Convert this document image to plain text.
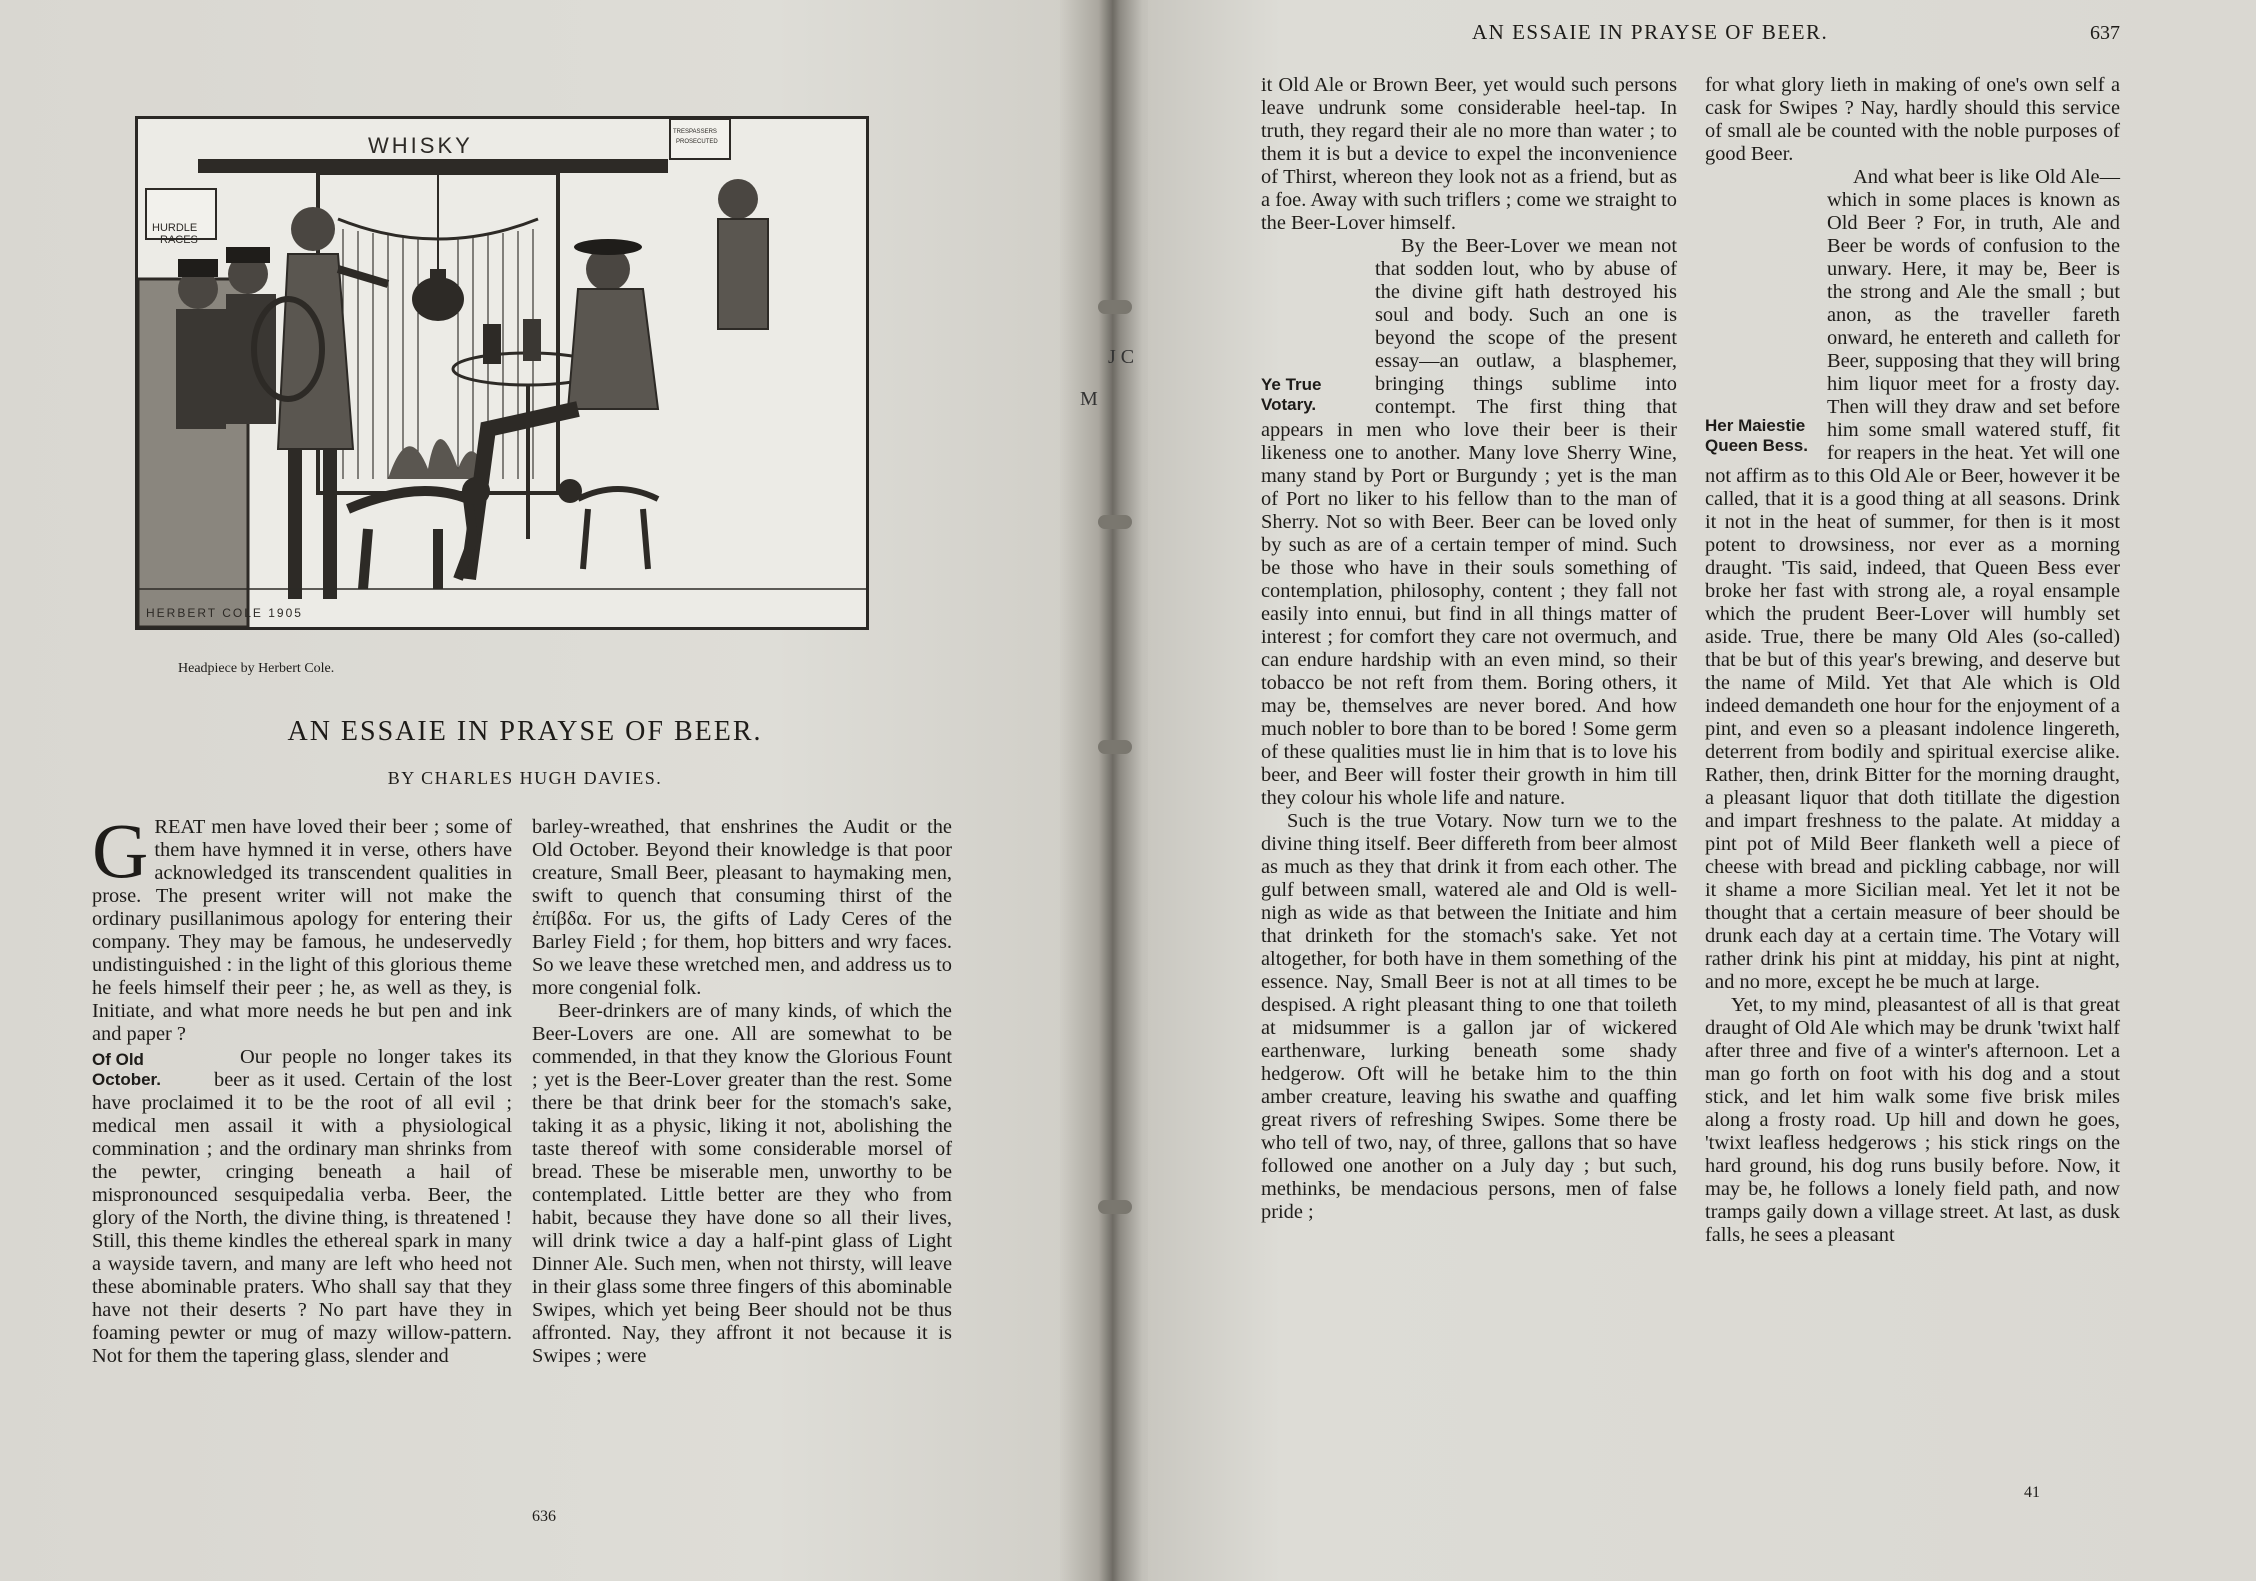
HURDLE
RACES
TRESPASSERS
PROSECUTED
WHISKY
HERBERT COLE 1905
Headpiece by Herbert Cole.
AN ESSAIE IN PRAYSE OF BEER.
BY CHARLES HUGH DAVIES.
G REAT men have loved their beer ; some of them have hymned it in verse, others have acknowledged its transcendent qualities in prose. The present writer will not make the ordinary pusillanimous apology for entering their company. They may be famous, he undeservedly undistinguished : in the light of this glorious theme he feels himself their peer ; he, as well as they, is Initiate, and what more needs he but pen and ink and paper ?

Of Old October.

Our people no longer takes its beer as it used. Certain of the lost have proclaimed it to be the root of all evil ; medical men assail it with a physiological commination ; and the ordinary man shrinks from the pewter, cringing beneath a hail of mispronounced sesquipedalia verba. Beer, the glory of the North, the divine thing, is threatened ! Still, this theme kindles the ethereal spark in many a wayside tavern, and many are left who heed not these abominable praters. Who shall say that they have not their deserts ? No part have they in foaming pewter or mug of mazy willow-pattern. Not for them the tapering glass, slender and

barley-wreathed, that enshrines the Audit or the Old October. Beyond their knowledge is that poor creature, Small Beer, pleasant to haymaking men, swift to quench that consuming thirst of the ἐπίβδα. For us, the gifts of Lady Ceres of the Barley Field ; for them, hop bitters and wry faces. So we leave these wretched men, and address us to more congenial folk.

Beer-drinkers are of many kinds, of which the Beer-Lovers are one. All are somewhat to be commended, in that they know the Glorious Fount ; yet is the Beer-Lover greater than the rest. Some there be that drink beer for the stomach's sake, taking it as a physic, liking it not, abolishing the taste thereof with some considerable morsel of bread. These be miserable men, unworthy to be contemplated. Little better are they who from habit, because they have done so all their lives, will drink twice a day a half-pint glass of Light Dinner Ale. Such men, when not thirsty, will leave in their glass some three fingers of this abominable Swipes, which yet being Beer should not be thus affronted. Nay, they affront it not because it is Swipes ; were

636
J C
M
AN ESSAIE IN PRAYSE OF BEER.	637

it Old Ale or Brown Beer, yet would such persons leave undrunk some considerable heel-tap. In truth, they regard their ale no more than water ; to them it is but a device to expel the inconvenience of Thirst, whereon they look not as a friend, but as a foe. Away with such triflers ; come we straight to the Beer-Lover himself.

Ye True Votary.

By the Beer-Lover we mean not that sodden lout, who by abuse of the divine gift hath destroyed his soul and body. Such an one is beyond the scope of the present essay—an outlaw, a blasphemer, bringing things sublime into contempt. The first thing that appears in men who love their beer is their likeness one to another. Many love Sherry Wine, many stand by Port or Burgundy ; yet is the man of Port no liker to his fellow than to the man of Sherry. Not so with Beer. Beer can be loved only by such as are of a certain temper of mind. Such be those who have in their souls something of contemplation, philosophy, content ; they fall not easily into ennui, but find in all things matter of interest ; for comfort they care not overmuch, and can endure hardship with an even mind, so their tobacco be not reft from them. Boring others, it may be, themselves are never bored. And how much nobler to bore than to be bored ! Some germ of these qualities must lie in him that is to love his beer, and Beer will foster their growth in him till they colour his whole life and nature.

Such is the true Votary. Now turn we to the divine thing itself. Beer differeth from beer almost as much as they that drink it from each other. The gulf between small, watered ale and Old is well-nigh as wide as that between the Initiate and him that drinketh for the stomach's sake. Yet not altogether, for both have in them something of the essence. Nay, Small Beer is not at all times to be despised. A right pleasant thing to one that toileth at midsummer is a gallon jar of wickered earthenware, lurking beneath some shady hedgerow. Oft will he betake him to the thin amber creature, leaving his swathe and quaffing great rivers of refreshing Swipes. Some there be who tell of two, nay, of three, gallons that so have followed one another on a July day ; but such, methinks, be mendacious persons, men of false pride ;

for what glory lieth in making of one's own self a cask for Swipes ? Nay, hardly should this service of small ale be counted with the noble purposes of good Beer.

Her Maiestie Queen Bess.

And what beer is like Old Ale—which in some places is known as Old Beer ? For, in truth, Ale and Beer be words of confusion to the unwary. Here, it may be, Beer is the strong and Ale the small ; but anon, as the traveller fareth onward, he entereth and calleth for Beer, supposing that they will bring him liquor meet for a frosty day. Then will they draw and set before him some small watered stuff, fit for reapers in the heat. Yet will one not affirm as to this Old Ale or Beer, however it be called, that it is a good thing at all seasons. Drink it not in the heat of summer, for then is it most potent to drowsiness, nor ever as a morning draught. 'Tis said, indeed, that Queen Bess ever broke her fast with strong ale, a royal ensample which the prudent Beer-Lover will humbly set aside. True, there be many Old Ales (so-called) that be but of this year's brewing, and deserve but the name of Mild. Yet that Ale which is Old indeed demandeth one hour for the enjoyment of a pint, and even so a pleasant indolence lingereth, deterrent from bodily and spiritual exercise alike. Rather, then, drink Bitter for the morning draught, a pleasant liquor that doth titillate the digestion and impart freshness to the palate. At midday a pint pot of Mild Beer flanketh well a piece of cheese with bread and pickling cabbage, nor will it shame a more Sicilian meal. Yet let it not be thought that a certain measure of beer should be drunk each day at a certain time. The Votary will rather drink his pint at midday, his pint at night, and no more, except he be much at large.

Yet, to my mind, pleasantest of all is that great draught of Old Ale which may be drunk 'twixt half after three and five of a winter's afternoon. Let a man go forth on foot with his dog and a stout stick, and let him walk some five brisk miles along a frosty road. Up hill and down he goes, 'twixt leafless hedgerows ; his stick rings on the hard ground, his dog runs busily before. Now, it may be, he follows a lonely field path, and now tramps gaily down a village street. At last, as dusk falls, he sees a pleasant

41
